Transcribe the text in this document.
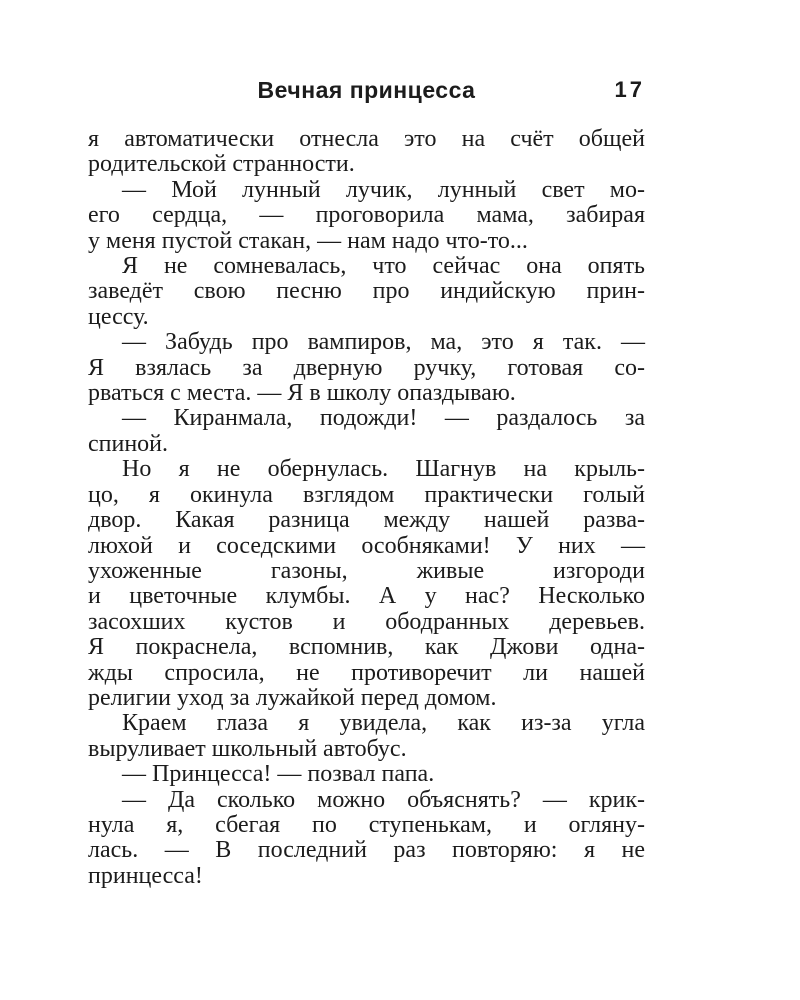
Вечная принцесса	17
я автоматически отнесла это на счёт общей
родительской странности.
— Мой лунный лучик, лунный свет мо-
его сердца, — проговорила мама, забирая
у меня пустой стакан, — нам надо что-то...
Я не сомневалась, что сейчас она опять
заведёт свою песню про индийскую прин-
цессу.
— Забудь про вампиров, ма, это я так. —
Я взялась за дверную ручку, готовая со-
рваться с места. — Я в школу опаздываю.
— Киранмала, подожди! — раздалось за
спиной.
Но я не обернулась. Шагнув на крыль-
цо, я окинула взглядом практически голый
двор. Какая разница между нашей разва-
люхой и соседскими особняками! У них —
ухоженные газоны, живые изгороди
и цветочные клумбы. А у нас? Несколько
засохших кустов и ободранных деревьев.
Я покраснела, вспомнив, как Джови одна-
жды спросила, не противоречит ли нашей
религии уход за лужайкой перед домом.
Краем глаза я увидела, как из-за угла
выруливает школьный автобус.
— Принцесса! — позвал папа.
— Да сколько можно объяснять? — крик-
нула я, сбегая по ступенькам, и огляну-
лась. — В последний раз повторяю: я не
принцесса!
